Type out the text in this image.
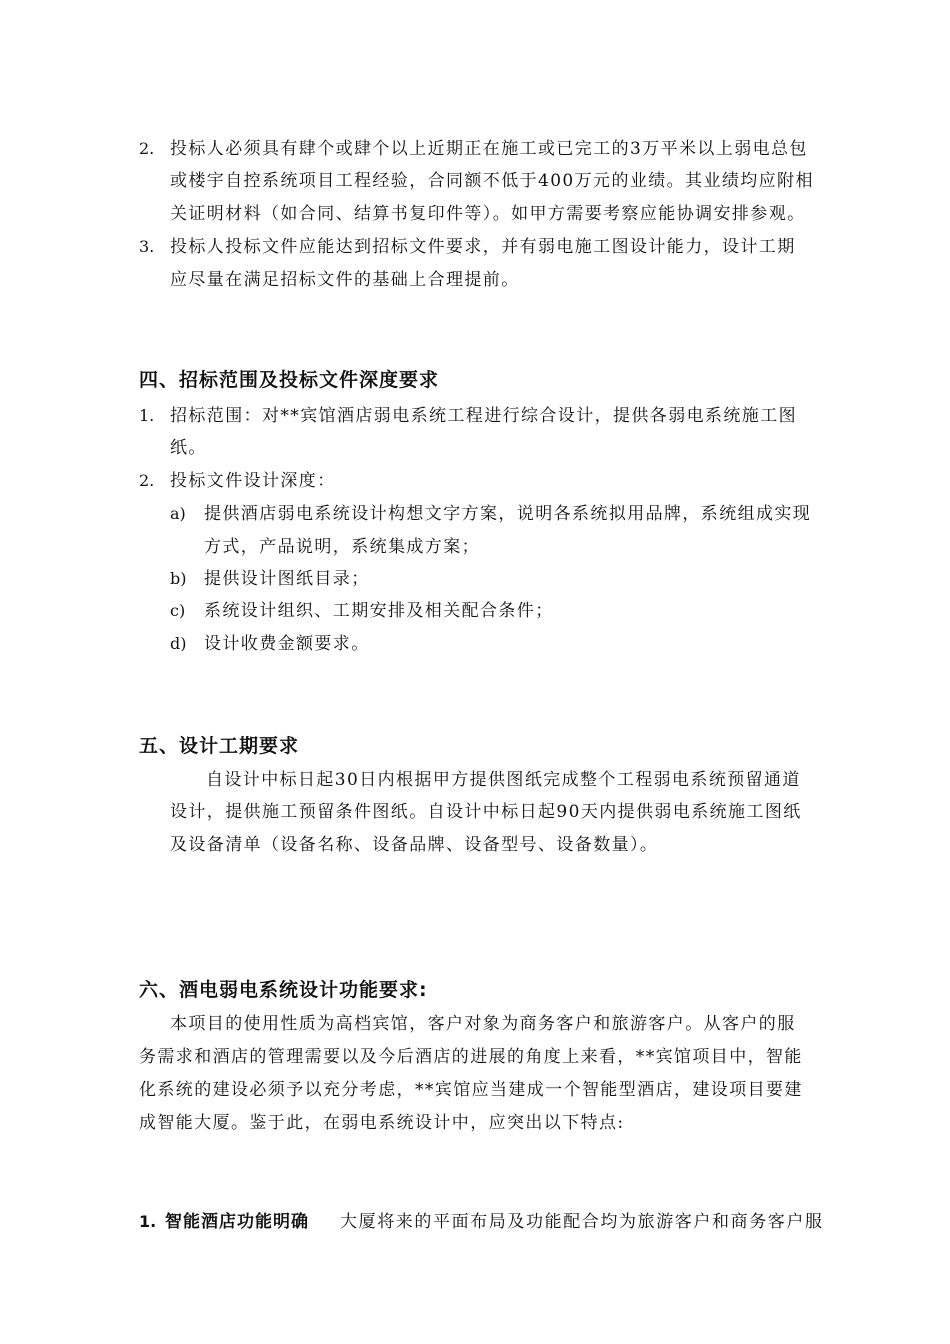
2. 投标人必须具有肆个或肆个以上近期正在施工或已完工的3万平米以上弱电总包
或楼宇自控系统项目工程经验，合同额不低于400万元的业绩。其业绩均应附相
关证明材料（如合同、结算书复印件等）。如甲方需要考察应能协调安排参观。
3. 投标人投标文件应能达到招标文件要求，并有弱电施工图设计能力，设计工期
应尽量在满足招标文件的基础上合理提前。
四、招标范围及投标文件深度要求
1. 招标范围：对**宾馆酒店弱电系统工程进行综合设计，提供各弱电系统施工图
纸。
2. 投标文件设计深度：
a) 提供酒店弱电系统设计构想文字方案，说明各系统拟用品牌，系统组成实现
方式，产品说明，系统集成方案；
b) 提供设计图纸目录；
c) 系统设计组织、工期安排及相关配合条件；
d) 设计收费金额要求。
五、设计工期要求
自设计中标日起30日内根据甲方提供图纸完成整个工程弱电系统预留通道
设计，提供施工预留条件图纸。自设计中标日起90天内提供弱电系统施工图纸
及设备清单（设备名称、设备品牌、设备型号、设备数量）。
六、酒电弱电系统设计功能要求:
本项目的使用性质为高档宾馆，客户对象为商务客户和旅游客户。从客户的服
务需求和酒店的管理需要以及今后酒店的进展的角度上来看，**宾馆项目中，智能
化系统的建设必须予以充分考虑，**宾馆应当建成一个智能型酒店，建设项目要建
成智能大厦。鉴于此，在弱电系统设计中，应突出以下特点:
1. 智能酒店功能明确 大厦将来的平面布局及功能配合均为旅游客户和商务客户服
